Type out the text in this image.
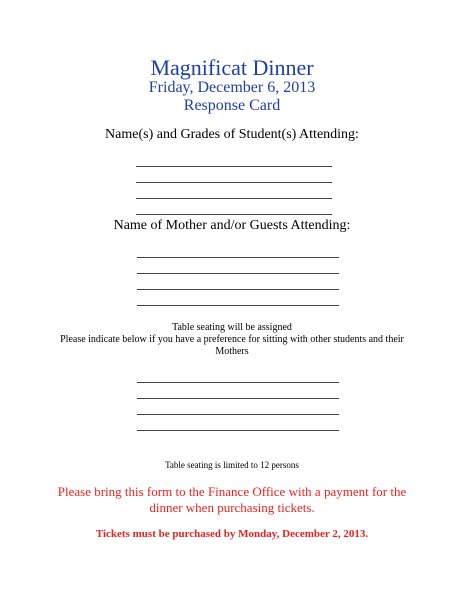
Magnificat Dinner
Friday, December 6, 2013
Response Card
Name(s) and Grades of Student(s) Attending:
Name of Mother and/or Guests Attending:
Table seating will be assigned
Please indicate below if you have a preference for sitting with other students and their Mothers
Table seating is limited to 12 persons
Please bring this form to the Finance Office with a payment for the dinner when purchasing tickets.
Tickets must be purchased by Monday, December 2, 2013.
